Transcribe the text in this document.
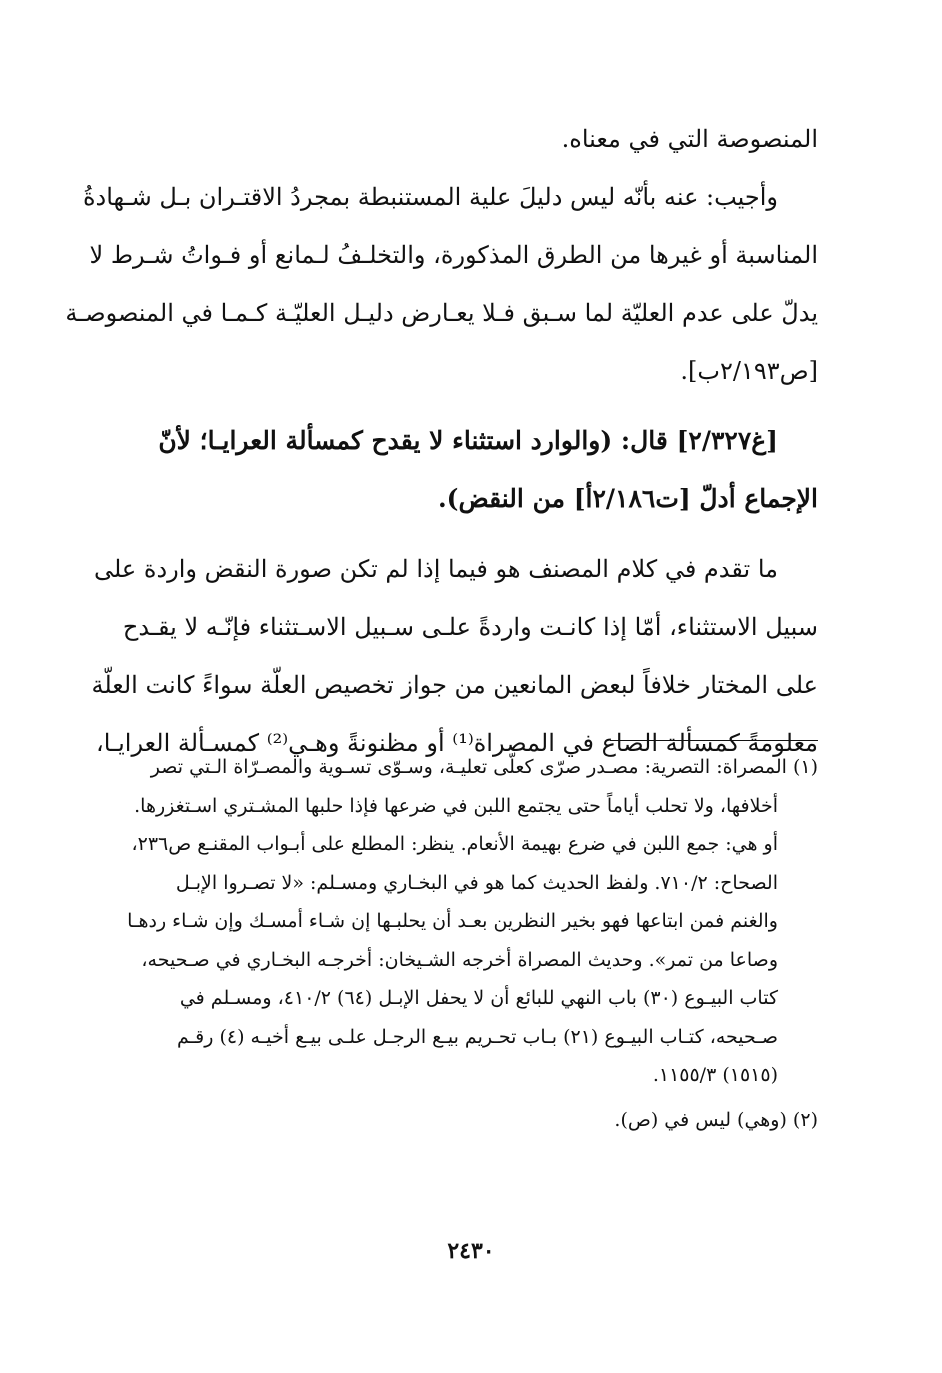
المنصوصة التي في معناه.

وأجيب: عنه بأنّه ليس دليلَ علية المستنبطة بمجردُ الاقتـران بـل شـهادةُ

المناسبة أو غيرها من الطرق المذكورة، والتخلـفُ لـمانع أو فـواتُ شـرط لا

يدلّ على عدم العليّة لما سـبق فـلا يعـارض دليـل العليّـة كـمـا في المنصوصـة

[ص٢/١٩٣ب].

[غ٢/٣٢٧] قال: (والوارد استثناء لا يقدح كمسألة العرايـا؛ لأنّ

الإجماع أدلّ [ت٢/١٨٦أ] من النقض).

ما تقدم في كلام المصنف هو فيما إذا لم تكن صورة النقض واردة على

سبيل الاستثناء، أمّا إذا كانـت واردةً علـى سـبيل الاسـتثناء فإنّـه لا يقـدح

على المختار خلافاً لبعض المانعين من جواز تخصيص العلّة سواءً كانت العلّة

معلومةً كمسألة الصاع في المصراة⁽¹⁾ أو مظنونةً وهـي⁽²⁾ كمسـألة العرايـا،

(١) المصراة: التصرية: مصـدر صرّى كعلّى تعليـة، وسـوّى تسـوية والمصـرّاة الـتي تصر

أخلافها، ولا تحلب أياماً حتى يجتمع اللبن في ضرعها فإذا حلبها المشـتري اسـتغزرها.

أو هي: جمع اللبن في ضرع بهيمة الأنعام. ينظر: المطلع على أبـواب المقنـع ص٢٣٦،

الصحاح: ٧١٠/٢. ولفظ الحديث كما هو في البخـاري ومسـلم: «لا تصـروا الإبـل

والغنم فمن ابتاعها فهو بخير النظرين بعـد أن يحلبـها إن شـاء أمسـك وإن شـاء ردهـا

وصاعا من تمر». وحديث المصراة أخرجه الشـيخان: أخرجـه البخـاري في صـحيحه،

كتاب البيـوع (٣٠) باب النهي للبائع أن لا يحفل الإبـل (٦٤) ٤١٠/٢، ومسـلم في

صـحيحه، كتـاب البيـوع (٢١) بـاب تحـريم بيـع الرجـل علـى بيـع أخيـه (٤) رقـم

(١٥١٥) ١١٥٥/٣.

(٢) (وهي) ليس في (ص).

٢٤٣٠
